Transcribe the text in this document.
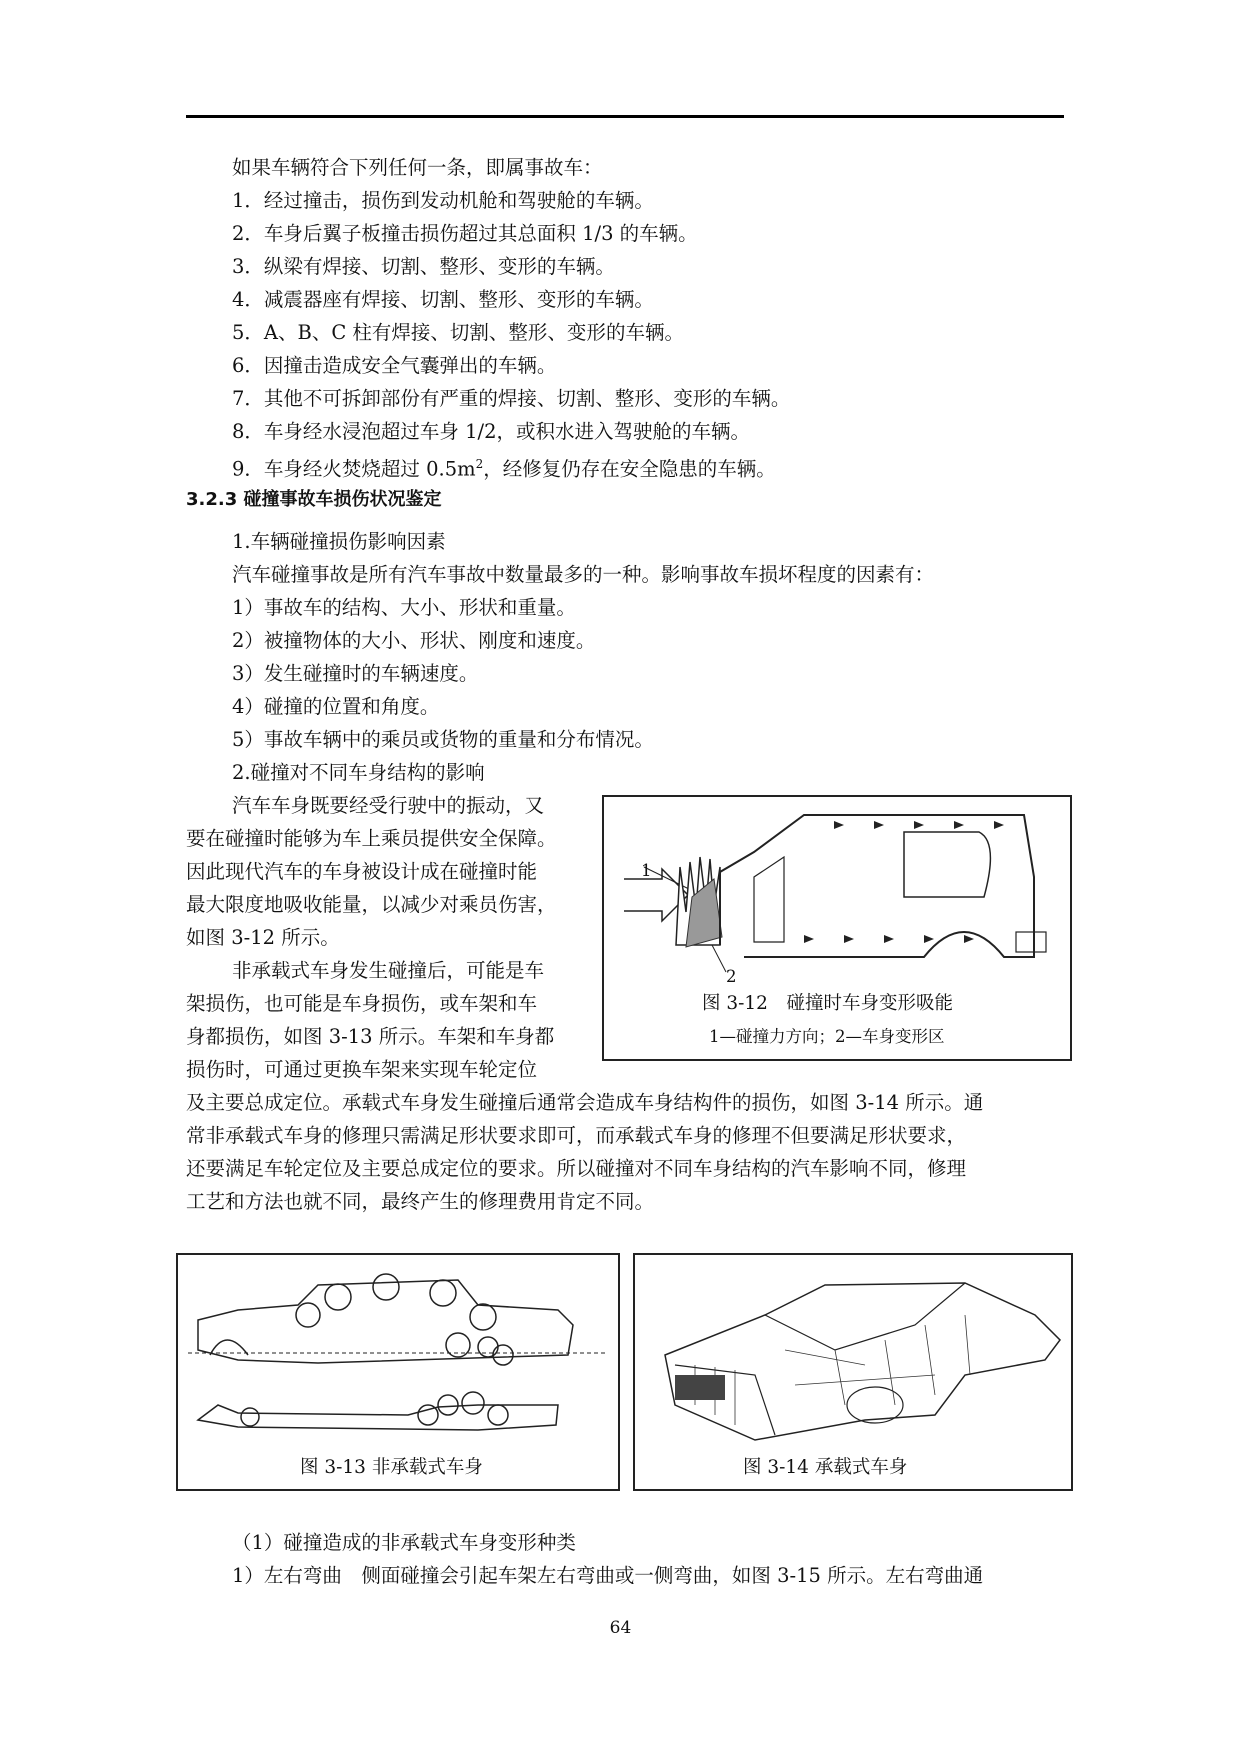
如果车辆符合下列任何一条，即属事故车：
1．经过撞击，损伤到发动机舱和驾驶舱的车辆。
2．车身后翼子板撞击损伤超过其总面积 1/3 的车辆。
3．纵梁有焊接、切割、整形、变形的车辆。
4．减震器座有焊接、切割、整形、变形的车辆。
5．A、B、C 柱有焊接、切割、整形、变形的车辆。
6．因撞击造成安全气囊弹出的车辆。
7．其他不可拆卸部份有严重的焊接、切割、整形、变形的车辆。
8．车身经水浸泡超过车身 1/2，或积水进入驾驶舱的车辆。
9．车身经火焚烧超过 $0.5m^2$，经修复仍存在安全隐患的车辆。
3.2.3 碰撞事故车损伤状况鉴定
1.车辆碰撞损伤影响因素
汽车碰撞事故是所有汽车事故中数量最多的一种。影响事故车损坏程度的因素有：
1）事故车的结构、大小、形状和重量。
2）被撞物体的大小、形状、刚度和速度。
3）发生碰撞时的车辆速度。
4）碰撞的位置和角度。
5）事故车辆中的乘员或货物的重量和分布情况。
2.碰撞对不同车身结构的影响
汽车车身既要经受行驶中的振动，又
要在碰撞时能够为车上乘员提供安全保障。
因此现代汽车的车身被设计成在碰撞时能
最大限度地吸收能量，以减少对乘员伤害，
如图 3-12 所示。
非承载式车身发生碰撞后，可能是车
架损伤，也可能是车身损伤，或车架和车
身都损伤，如图 3-13 所示。车架和车身都
损伤时，可通过更换车架来实现车轮定位
及主要总成定位。承载式车身发生碰撞后通常会造成车身结构件的损伤，如图 3-14 所示。通
常非承载式车身的修理只需满足形状要求即可，而承载式车身的修理不但要满足形状要求，
还要满足车轮定位及主要总成定位的要求。所以碰撞对不同车身结构的汽车影响不同，修理
工艺和方法也就不同，最终产生的修理费用肯定不同。
1
2
图 3-12　碰撞时车身变形吸能
1—碰撞力方向；2—车身变形区
图 3-13 非承载式车身	图 3-14 承载式车身
（1）碰撞造成的非承载式车身变形种类
1）左右弯曲　侧面碰撞会引起车架左右弯曲或一侧弯曲，如图 3-15 所示。左右弯曲通
64
